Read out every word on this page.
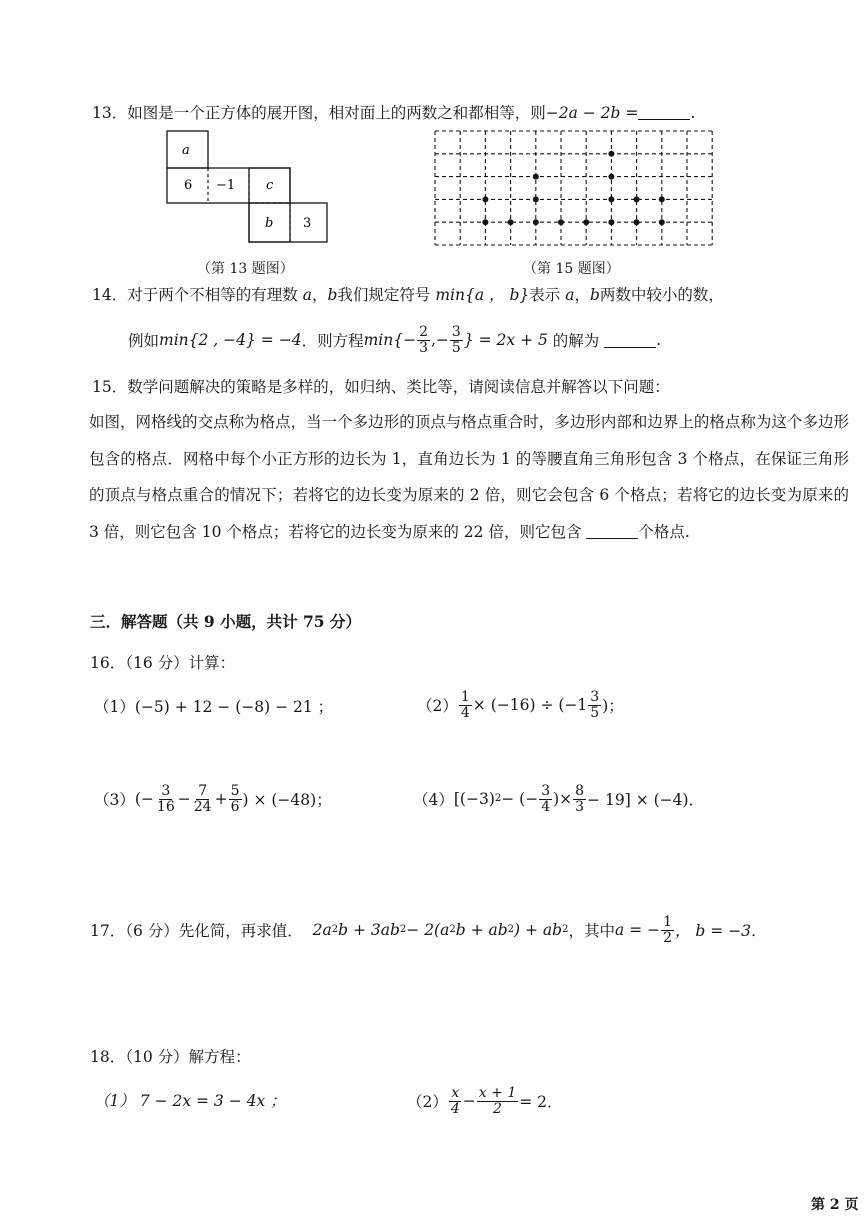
13．如图是一个正方体的展开图，相对面上的两数之和都相等，则−2a − 2b =	.
a
6 −1 c
b 3
（第 13 题图）	（第 15 题图）
14．对于两个不相等的有理数 a，b我们规定符号 min{a ， b}表示 a，b两数中较小的数，
例如 min{2 , −4} = −4 ．则方程 $\min\{ - \frac{2}{3}$ ,− $\frac{3}{5}$ } = 2x + 5
的解为
	.
15．数学问题解决的策略是多样的，如归纳、类比等，请阅读信息并解答以下问题：
如图，网格线的交点称为格点，当一个多边形的顶点与格点重合时，多边形内部和边界上的格点称为这个多边形包含的格点．网格中每个小正方形的边长为 1，直角边长为 1 的等腰直角三角形包含 3 个格点，在保证三角形的顶点与格点重合的情况下；若将它的边长变为原来的 2 倍，则它会包含 6 个格点；若将它的边长变为原来的 3 倍，则它包含 10 个格点；若将它的边长变为原来的 22 倍，则它包含	个格点.
三．解答题（共 9 小题，共计 75 分）
16．（16 分）计算：
（1）(−5) + 12 − (−8) − 21 ；	$(2) \frac{1}{4} \times (-16) \div (-1 \frac{3}{5}$ )；
（3） (− $\frac{3}{16} - \frac{7}{24} + \frac{5}{6}$ ) × (−48)；	（4） [(−3) 2 − (− $\frac{3}{4}$ )× $\frac{8}{3} - 19] \times (-4)$．
17．（6 分）先化简，再求值．
2a 2 b + 3ab 2 − 2(a 2 b + ab 2 ) + ab 2 ，其中 a = − $\frac{1}{2}$ ， b = −3．
18．（10 分）解方程：
（1） 7 − 2x = 3 − 4x ；	$(2) \frac{x}{4} - \frac{x + 1}{2} = 2$．
第 2 页
